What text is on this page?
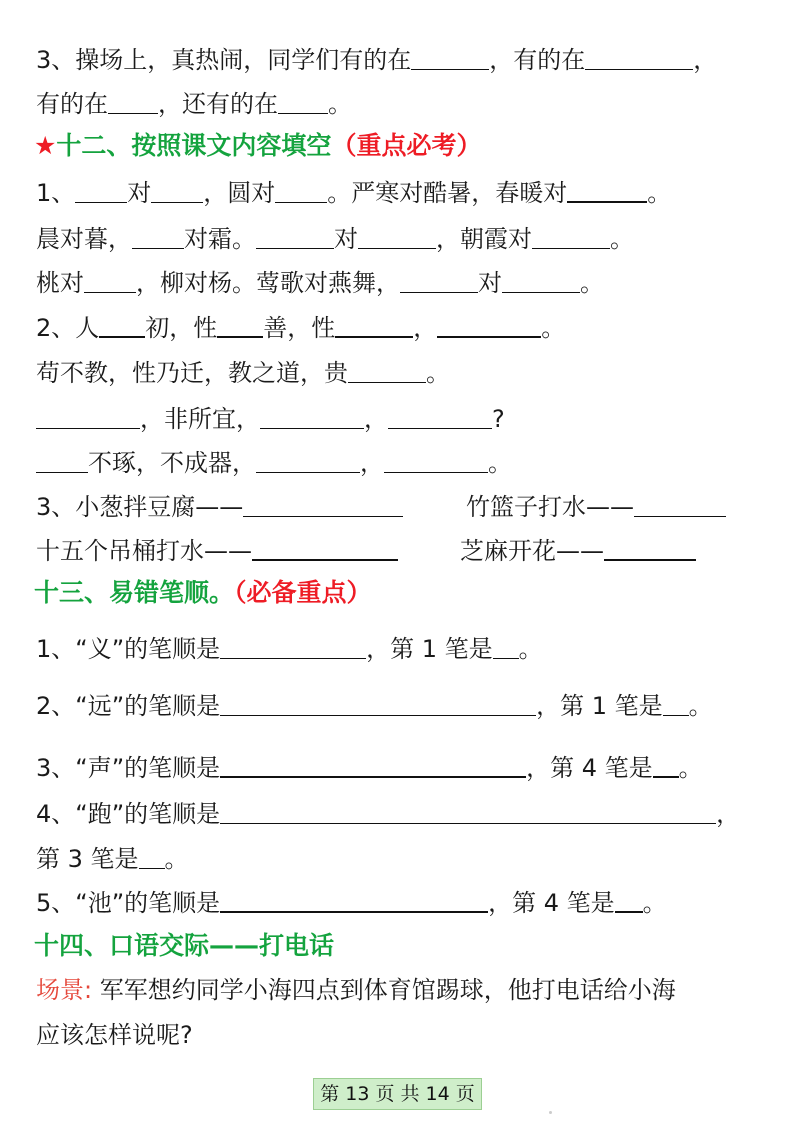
3、操场上，真热闹，同学们有的在	，有的在	，
有的在 ，还有的在 。
★十二、按照课文内容填空（重点必考）
1、 对 ，圆对 。严寒对酷暑，春暖对	。
晨对暮， 对霜。	对	，朝霞对	。
桃对 ，柳对杨。莺歌对燕舞，	对	。
2、人 初，性 善，性	，	。
苟不教，性乃迁，教之道，贵	。
，非所宜，	，	?
不琢，不成器，	，	。
3、小葱拌豆腐——	竹篮子打水——
十五个吊桶打水——	芝麻开花——
十三、易错笔顺。（必备重点）
1、“义”的笔顺是	，第 1 笔是 。
2、“远”的笔顺是	，第 1 笔是 。
3、“声”的笔顺是	，第 4 笔是 。
4、“跑”的笔顺是	，
第 3 笔是 。
5、“池”的笔顺是	，第 4 笔是 。
十四、口语交际——打电话
场景: 军军想约同学小海四点到体育馆踢球，他打电话给小海
应该怎样说呢?
第 13 页 共 14 页
